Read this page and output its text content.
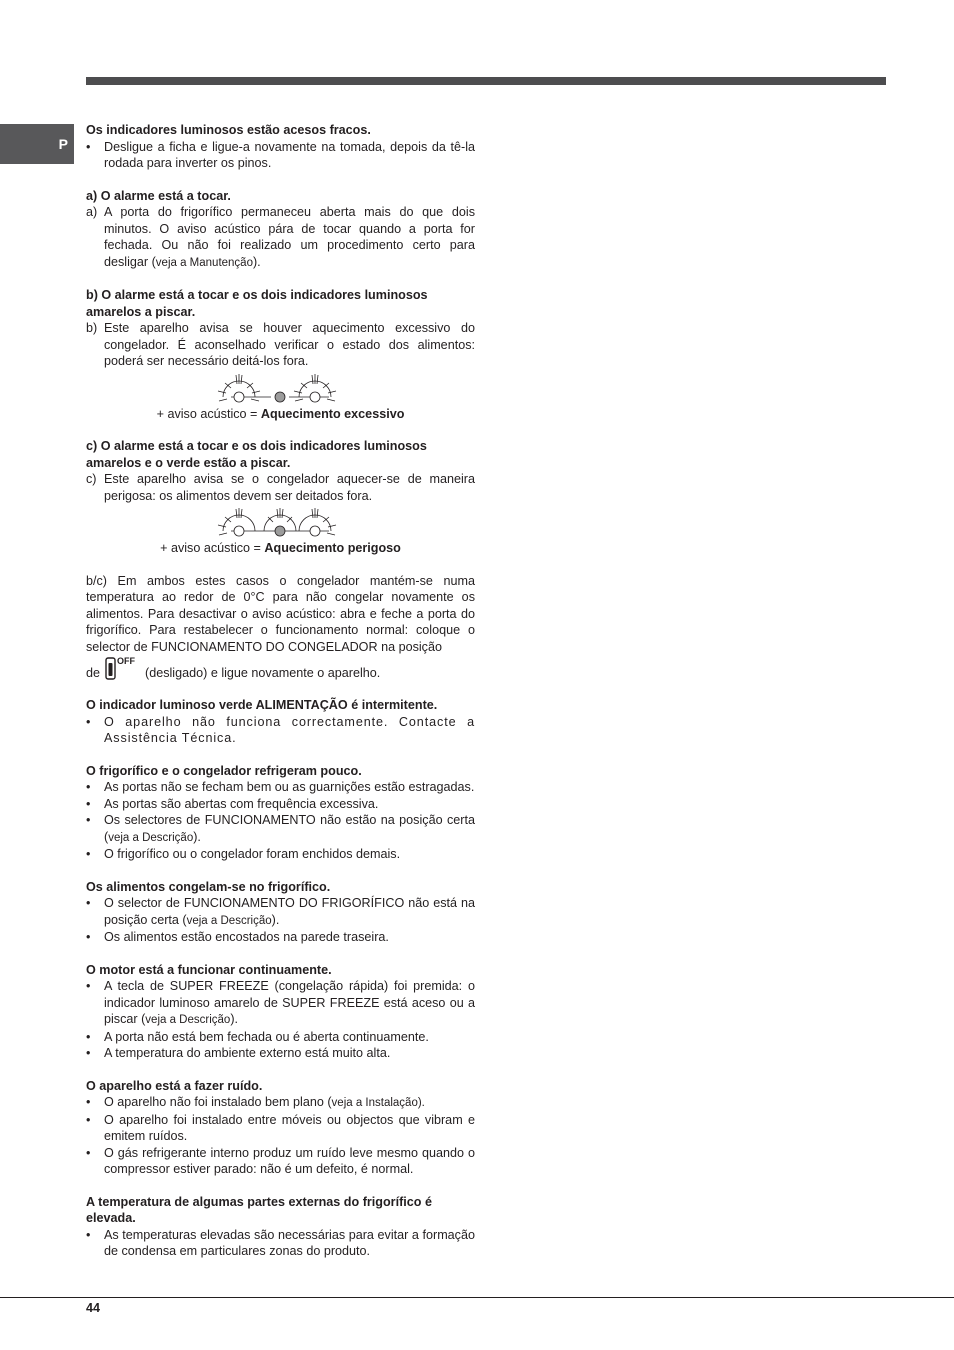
P
Os indicadores luminosos estão acesos fracos.
• Desligue a ficha e ligue-a novamente na tomada, depois da tê-la rodada para inverter os pinos.
a) O alarme está a tocar.
a) A porta do frigorífico permaneceu aberta mais do que dois minutos. O aviso acústico pára de tocar quando a porta for fechada. Ou não foi realizado um procedimento certo para desligar (veja a Manutenção).
b) O alarme está a tocar e os dois indicadores luminosos amarelos a piscar.
b) Este aparelho avisa se houver aquecimento excessivo do congelador. É aconselhado verificar o estado dos alimentos: poderá ser necessário deitá-los fora.
+ aviso acústico = Aquecimento excessivo
c) O alarme está a tocar e os dois indicadores luminosos amarelos e o verde estão a piscar.
c) Este aparelho avisa se o congelador aquecer-se de maneira perigosa: os alimentos devem ser deitados fora.
+ aviso acústico = Aquecimento perigoso
b/c) Em ambos estes casos o congelador mantém-se numa temperatura ao redor de 0°C para não congelar novamente os alimentos. Para desactivar o aviso acústico: abra e feche a porta do frigorífico. Para restabelecer o funcionamento normal: coloque o selector de FUNCIONAMENTO DO CONGELADOR na posição
de
OFF
(desligado) e ligue novamente o aparelho.
O indicador luminoso verde ALIMENTAÇÃO é intermitente.
• O aparelho não funciona correctamente. Contacte a Assistência Técnica.
O frigorífico e o congelador refrigeram pouco.
• As portas não se fecham bem ou as guarnições estão estragadas.
• As portas são abertas com frequência excessiva.
• Os selectores de FUNCIONAMENTO não estão na posição certa (veja a Descrição).
• O frigorífico ou o congelador foram enchidos demais.
Os alimentos congelam-se no frigorífico.
• O selector de FUNCIONAMENTO DO FRIGORÍFICO não está na posição certa (veja a Descrição).
• Os alimentos estão encostados na parede traseira.
O motor está a funcionar continuamente.
• A tecla de SUPER FREEZE (congelação rápida) foi premida: o indicador luminoso amarelo de SUPER FREEZE está aceso ou a piscar (veja a Descrição).
• A porta não está bem fechada ou é aberta continuamente.
• A temperatura do ambiente externo está muito alta.
O aparelho está a fazer ruído.
• O aparelho não foi instalado bem plano (veja a Instalação).
• O aparelho foi instalado entre móveis ou objectos que vibram e emitem ruídos.
• O gás refrigerante interno produz um ruído leve mesmo quando o compressor estiver parado: não é um defeito, é normal.
A temperatura de algumas partes externas do frigorífico é elevada.
• As temperaturas elevadas são necessárias para evitar a formação de condensa em particulares zonas do produto.
44
